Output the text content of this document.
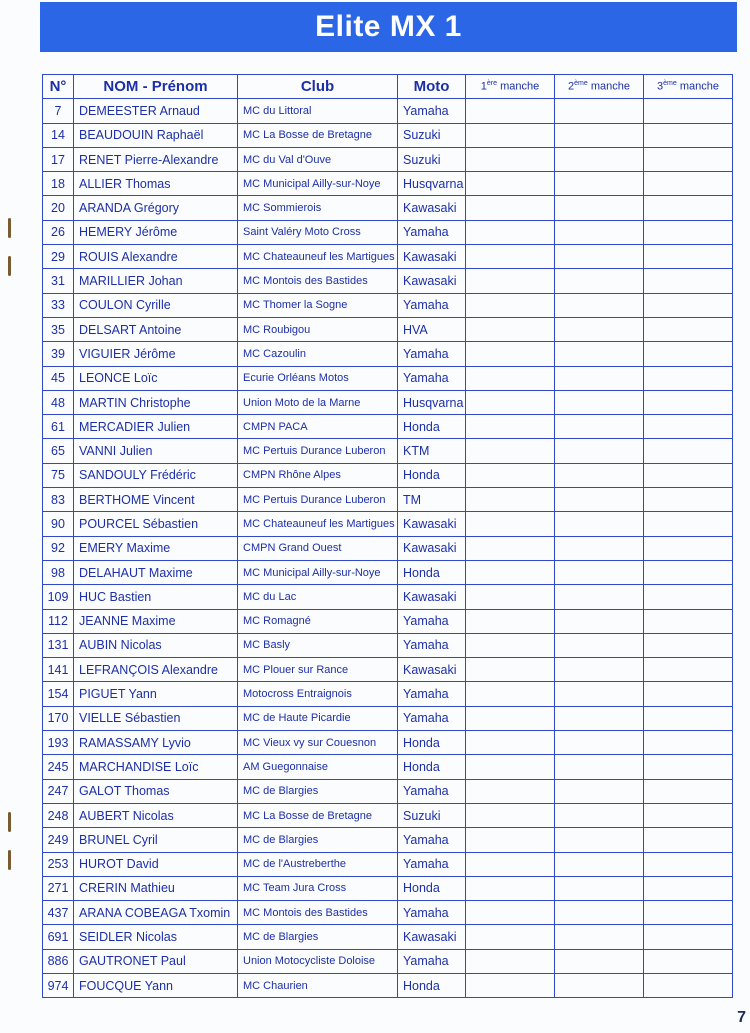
Elite MX 1
N°	NOM - Prénom	Club	Moto	1ère manche	2ème manche	3ème manche
7	DEMEESTER Arnaud	MC du Littoral	Yamaha			
14	BEAUDOUIN Raphaël	MC La Bosse de Bretagne	Suzuki			
17	RENET Pierre-Alexandre	MC du Val d'Ouve	Suzuki			
18	ALLIER Thomas	MC Municipal Ailly-sur-Noye	Husqvarna			
20	ARANDA Grégory	MC Sommierois	Kawasaki			
26	HEMERY Jérôme	Saint Valéry Moto Cross	Yamaha			
29	ROUIS Alexandre	MC Chateauneuf les Martigues	Kawasaki			
31	MARILLIER Johan	MC Montois des Bastides	Kawasaki			
33	COULON Cyrille	MC Thomer la Sogne	Yamaha			
35	DELSART Antoine	MC Roubigou	HVA			
39	VIGUIER Jérôme	MC Cazoulin	Yamaha			
45	LEONCE Loïc	Ecurie Orléans Motos	Yamaha			
48	MARTIN Christophe	Union Moto de la Marne	Husqvarna			
61	MERCADIER Julien	CMPN PACA	Honda			
65	VANNI Julien	MC Pertuis Durance Luberon	KTM			
75	SANDOULY Frédéric	CMPN Rhône Alpes	Honda			
83	BERTHOME Vincent	MC Pertuis Durance Luberon	TM			
90	POURCEL Sébastien	MC Chateauneuf les Martigues	Kawasaki			
92	EMERY Maxime	CMPN Grand Ouest	Kawasaki			
98	DELAHAUT Maxime	MC Municipal Ailly-sur-Noye	Honda			
109	HUC Bastien	MC du Lac	Kawasaki			
112	JEANNE Maxime	MC Romagné	Yamaha			
131	AUBIN Nicolas	MC Basly	Yamaha			
141	LEFRANÇOIS Alexandre	MC Plouer sur Rance	Kawasaki			
154	PIGUET Yann	Motocross Entraignois	Yamaha			
170	VIELLE Sébastien	MC de Haute Picardie	Yamaha			
193	RAMASSAMY Lyvio	MC Vieux vy sur Couesnon	Honda			
245	MARCHANDISE Loïc	AM Guegonnaise	Honda			
247	GALOT Thomas	MC de Blargies	Yamaha			
248	AUBERT Nicolas	MC La Bosse de Bretagne	Suzuki			
249	BRUNEL Cyril	MC de Blargies	Yamaha			
253	HUROT David	MC de l'Austreberthe	Yamaha			
271	CRERIN Mathieu	MC Team Jura Cross	Honda			
437	ARANA COBEAGA Txomin	MC Montois des Bastides	Yamaha			
691	SEIDLER Nicolas	MC de Blargies	Kawasaki			
886	GAUTRONET Paul	Union Motocycliste Doloise	Yamaha			
974	FOUCQUE Yann	MC Chaurien	Honda			
7
